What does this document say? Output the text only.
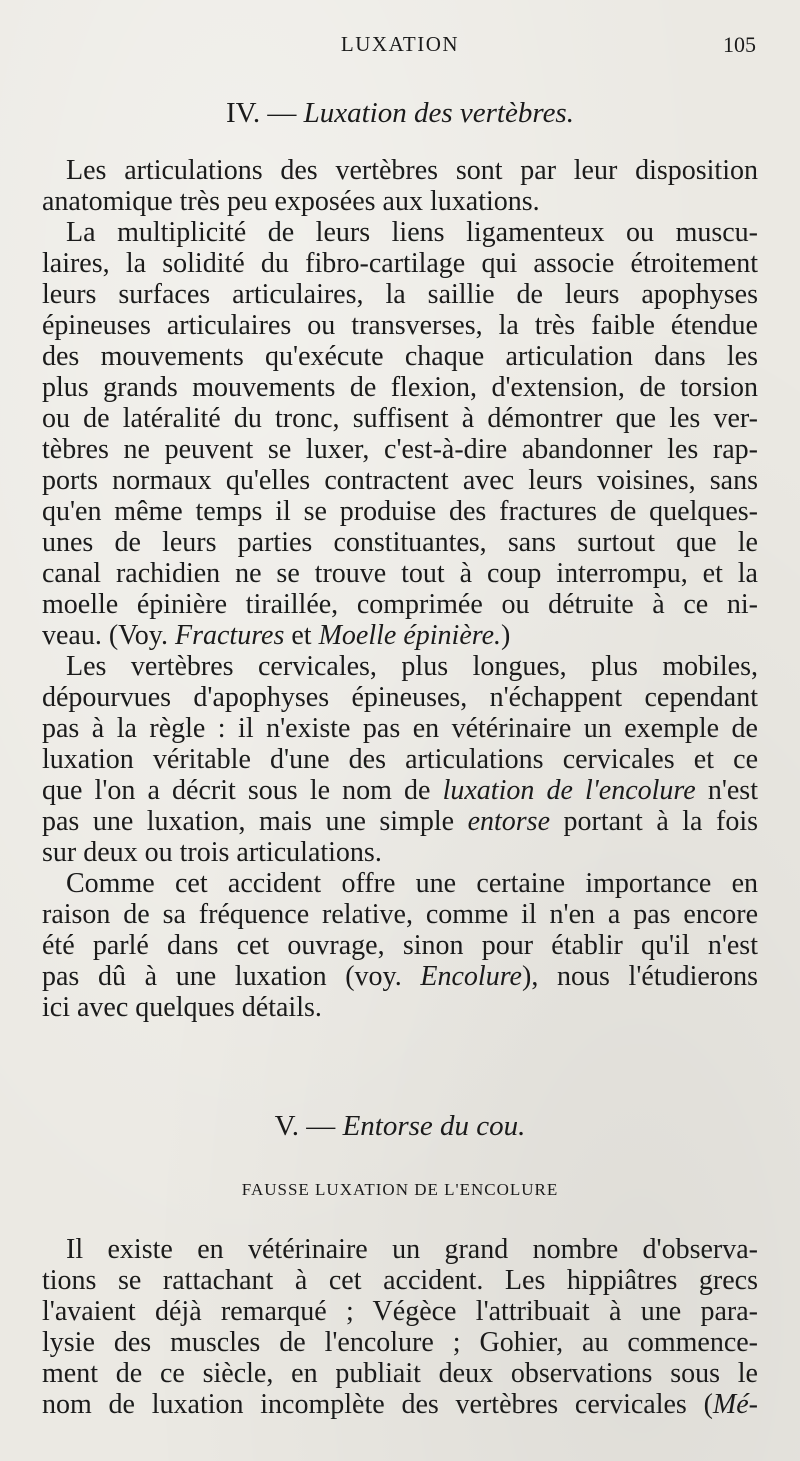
LUXATION	105
IV. — Luxation des vertèbres.
Les articulations des vertèbres sont par leur disposition
anatomique très peu exposées aux luxations.
La multiplicité de leurs liens ligamenteux ou muscu-
laires, la solidité du fibro-cartilage qui associe étroitement
leurs surfaces articulaires, la saillie de leurs apophyses
épineuses articulaires ou transverses, la très faible étendue
des mouvements qu'exécute chaque articulation dans les
plus grands mouvements de flexion, d'extension, de torsion
ou de latéralité du tronc, suffisent à démontrer que les ver-
tèbres ne peuvent se luxer, c'est-à-dire abandonner les rap-
ports normaux qu'elles contractent avec leurs voisines, sans
qu'en même temps il se produise des fractures de quelques-
unes de leurs parties constituantes, sans surtout que le
canal rachidien ne se trouve tout à coup interrompu, et la
moelle épinière tiraillée, comprimée ou détruite à ce ni-
veau. (Voy. Fractures et Moelle épinière.)
Les vertèbres cervicales, plus longues, plus mobiles,
dépourvues d'apophyses épineuses, n'échappent cependant
pas à la règle : il n'existe pas en vétérinaire un exemple de
luxation véritable d'une des articulations cervicales et ce
que l'on a décrit sous le nom de luxation de l'encolure n'est
pas une luxation, mais une simple entorse portant à la fois
sur deux ou trois articulations.
Comme cet accident offre une certaine importance en
raison de sa fréquence relative, comme il n'en a pas encore
été parlé dans cet ouvrage, sinon pour établir qu'il n'est
pas dû à une luxation (voy. Encolure), nous l'étudierons
ici avec quelques détails.
V. — Entorse du cou.
FAUSSE LUXATION DE L'ENCOLURE
Il existe en vétérinaire un grand nombre d'observa-
tions se rattachant à cet accident. Les hippiâtres grecs
l'avaient déjà remarqué ; Végèce l'attribuait à une para-
lysie des muscles de l'encolure ; Gohier, au commence-
ment de ce siècle, en publiait deux observations sous le
nom de luxation incomplète des vertèbres cervicales (Mé-
